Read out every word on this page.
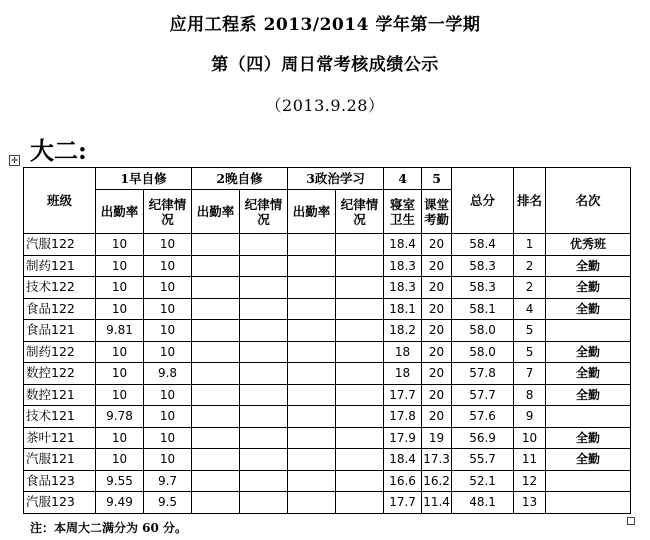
应用工程系 2013/2014 学年第一学期
第（四）周日常考核成绩公示
（2013.9.28）
大二:
✛
班级	1早自修		2晚自修		3政治学习		4	5	总分	排名	名次
	出勤率	纪律情况	出勤率	纪律情况	出勤率	纪律情况	寝室卫生	课堂考勤			
汽服122	10	10					18.4	20	58.4	1	优秀班
制药121	10	10					18.3	20	58.3	2	全勤
技术122	10	10					18.3	20	58.3	2	全勤
食品122	10	10					18.1	20	58.1	4	全勤
食品121	9.81	10					18.2	20	58.0	5	
制药122	10	10					18	20	58.0	5	全勤
数控122	10	9.8					18	20	57.8	7	全勤
数控121	10	10					17.7	20	57.7	8	全勤
技术121	9.78	10					17.8	20	57.6	9	
茶叶121	10	10					17.9	19	56.9	10	全勤
汽服121	10	10					18.4	17.3	55.7	11	全勤
食品123	9.55	9.7					16.6	16.2	52.1	12	
汽服123	9.49	9.5					17.7	11.4	48.1	13	
注：本周大二满分为 60 分。
